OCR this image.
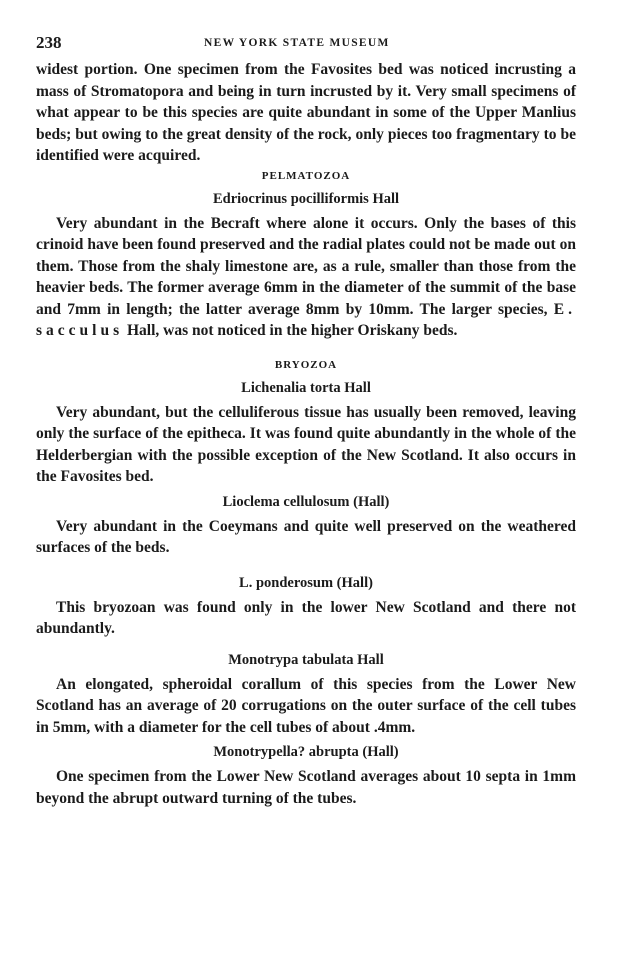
238	NEW YORK STATE MUSEUM

widest portion. One specimen from the Favosites bed was noticed incrusting a mass of Stromatopora and being in turn incrusted by it. Very small specimens of what appear to be this species are quite abundant in some of the Upper Manlius beds; but owing to the great density of the rock, only pieces too fragmentary to be identified were acquired.

PELMATOZOA
Edriocrinus pocilliformis Hall

Very abundant in the Becraft where alone it occurs. Only the bases of this crinoid have been found preserved and the radial plates could not be made out on them. Those from the shaly limestone are, as a rule, smaller than those from the heavier beds. The former average 6mm in the diameter of the summit of the base and 7mm in length; the latter average 8mm by 10mm. The larger species, E. sacculus Hall, was not noticed in the higher Oriskany beds.

BRYOZOA
Lichenalia torta Hall

Very abundant, but the celluliferous tissue has usually been removed, leaving only the surface of the epitheca. It was found quite abundantly in the whole of the Helderbergian with the possible exception of the New Scotland. It also occurs in the Favosites bed.

Lioclema cellulosum (Hall)

Very abundant in the Coeymans and quite well preserved on the weathered surfaces of the beds.

L. ponderosum (Hall)

This bryozoan was found only in the lower New Scotland and there not abundantly.

Monotrypa tabulata Hall

An elongated, spheroidal corallum of this species from the Lower New Scotland has an average of 20 corrugations on the outer surface of the cell tubes in 5mm, with a diameter for the cell tubes of about .4mm.

Monotrypella? abrupta (Hall)

One specimen from the Lower New Scotland averages about 10 septa in 1mm beyond the abrupt outward turning of the tubes.
